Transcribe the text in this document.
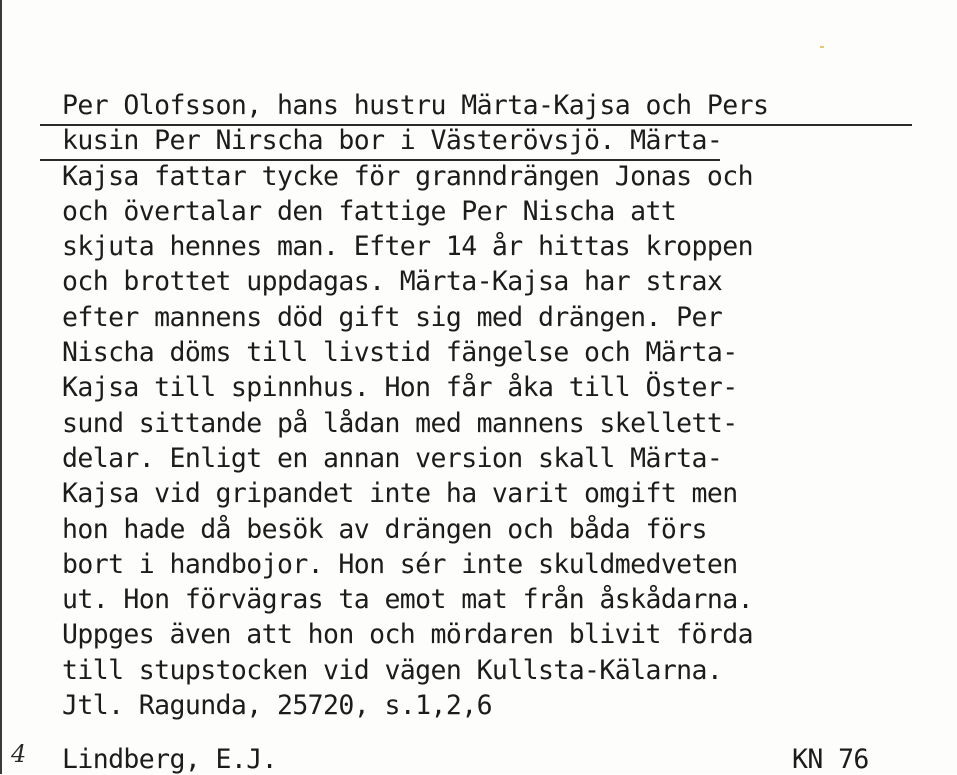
Per Olofsson, hans hustru Märta-Kajsa och Pers
kusin Per Nirscha bor i Västerövsjö. Märta-
Kajsa fattar tycke för granndrängen Jonas och
och övertalar den fattige Per Nischa att
skjuta hennes man. Efter 14 år hittas kroppen
och brottet uppdagas. Märta-Kajsa har strax
efter mannens död gift sig med drängen. Per
Nischa döms till livstid fängelse och Märta-
Kajsa till spinnhus. Hon får åka till Öster-
sund sittande på lådan med mannens skellett-
delar. Enligt en annan version skall Märta-
Kajsa vid gripandet inte ha varit omgift men
hon hade då besök av drängen och båda förs
bort i handbojor. Hon sér inte skuldmedveten
ut. Hon förvägras ta emot mat från åskådarna.
Uppges även att hon och mördaren blivit förda
till stupstocken vid vägen Kullsta-Kälarna.
Jtl. Ragunda, 25720, s.1,2,6
4 Lindberg, E.J.	KN 76
